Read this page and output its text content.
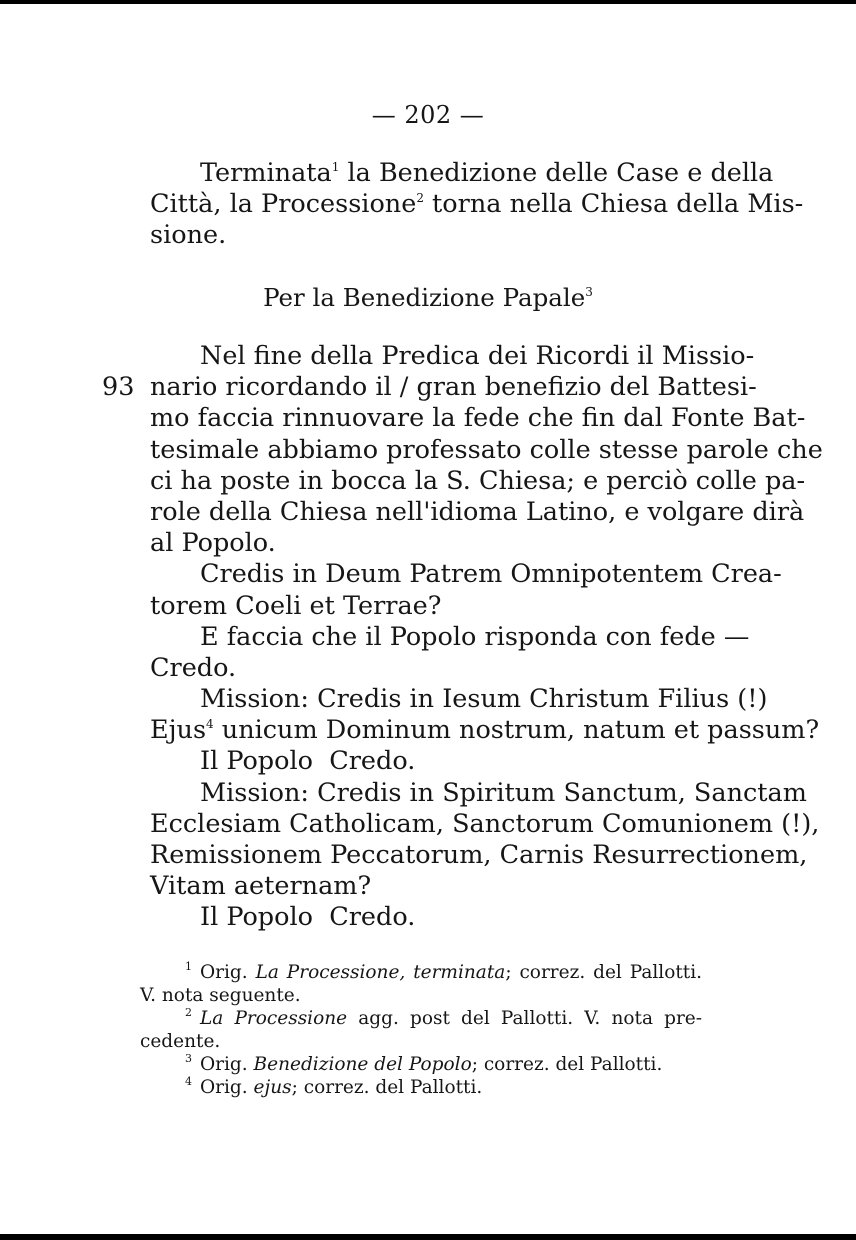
— 202 —
Terminata$^1$ la Benedizione delle Case e della
Città, la Processione$^2$ torna nella Chiesa della Mis-
sione.
Per la Benedizione Papale$^3$
93
Nel fine della Predica dei Ricordi il Missio-
nario ricordando il / gran benefizio del Battesi-
mo faccia rinnuovare la fede che fin dal Fonte Bat-
tesimale abbiamo professato colle stesse parole che
ci ha poste in bocca la S. Chiesa; e perciò colle pa-
role della Chiesa nell'idioma Latino, e volgare dirà
al Popolo.
Credis in Deum Patrem Omnipotentem Crea-
torem Coeli et Terrae?
E faccia che il Popolo risponda con fede —
Credo.
Mission: Credis in Iesum Christum Filius (!)
Ejus$^4$ unicum Dominum nostrum, natum et passum?
Il Popolo  Credo.
Mission: Credis in Spiritum Sanctum, Sanctam
Ecclesiam Catholicam, Sanctorum Comunionem (!),
Remissionem Peccatorum, Carnis Resurrectionem,
Vitam aeternam?
Il Popolo  Credo.
$^1$ Orig. La Processione, terminata; correz. del Pallotti.
V. nota seguente.
$^2$ La Processione agg. post del Pallotti. V. nota pre-
cedente.
$^3$ Orig. Benedizione del Popolo; correz. del Pallotti.
$^4$ Orig. ejus; correz. del Pallotti.
